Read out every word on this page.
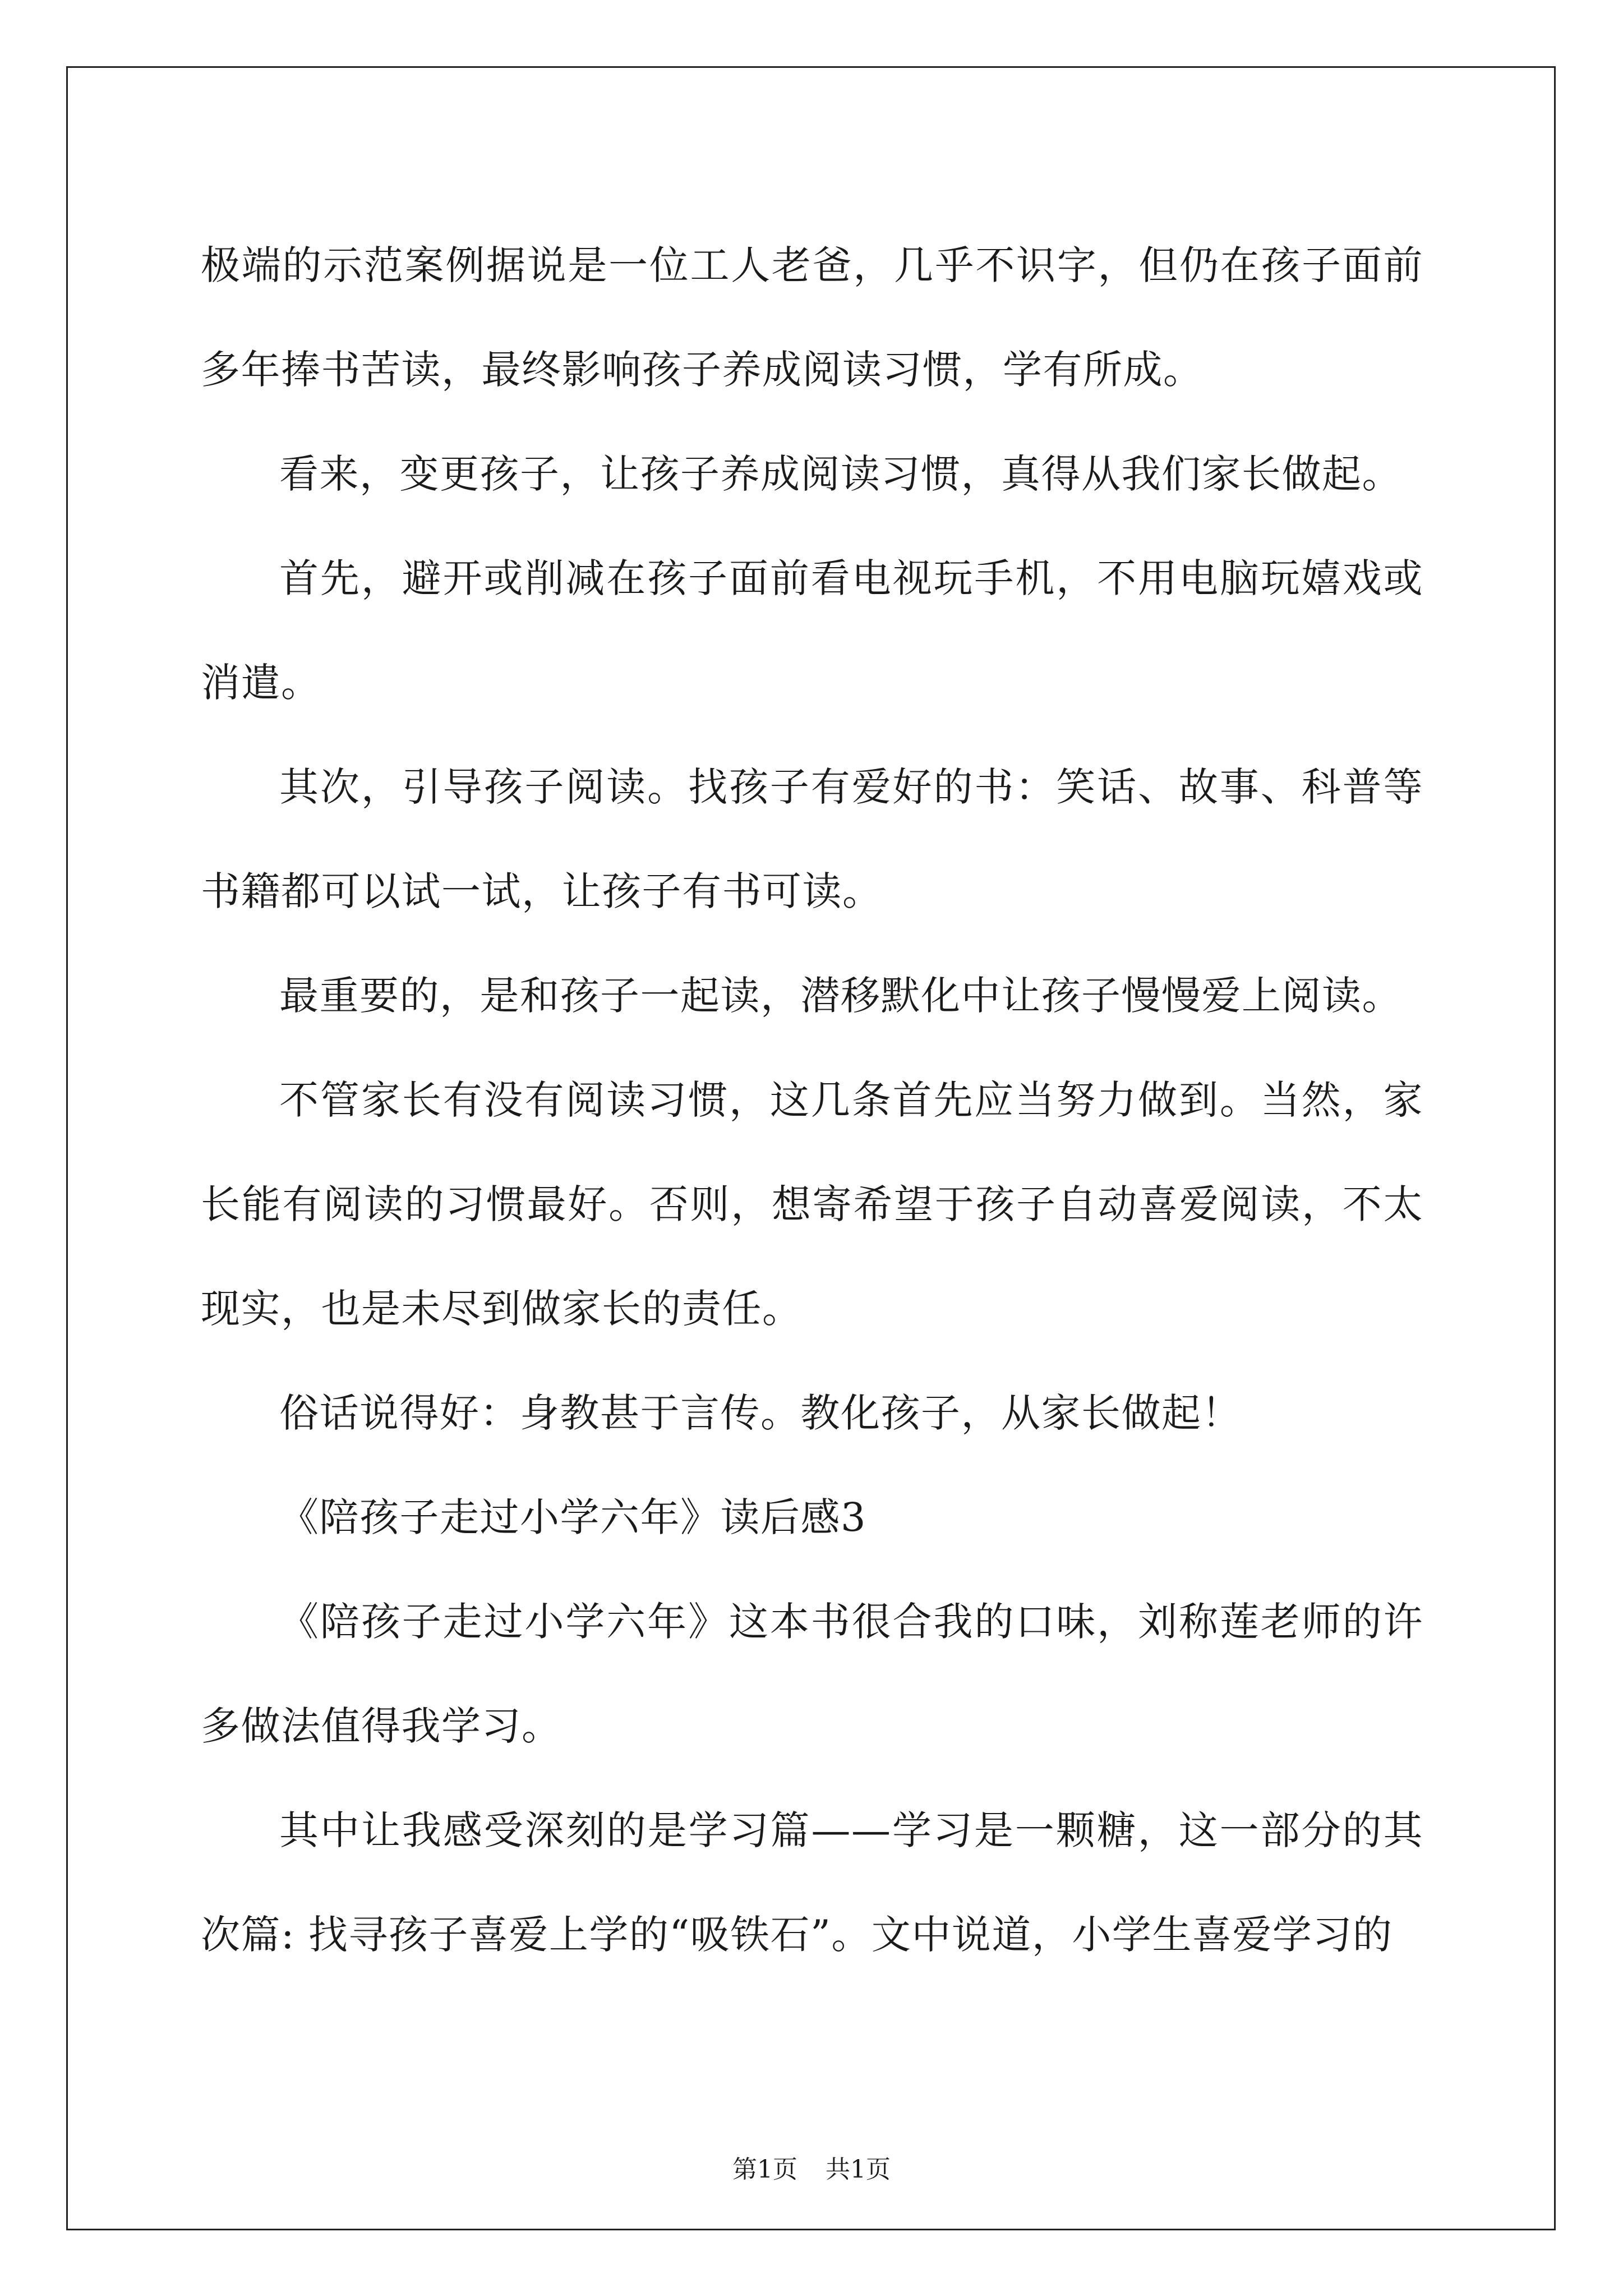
极端的示范案例据说是一位工人老爸，几乎不识字，但仍在孩子面前多年捧书苦读，最终影响孩子养成阅读习惯，学有所成。

看来，变更孩子，让孩子养成阅读习惯，真得从我们家长做起。

首先，避开或削减在孩子面前看电视玩手机，不用电脑玩嬉戏或消遣。

其次，引导孩子阅读。找孩子有爱好的书：笑话、故事、科普等书籍都可以试一试，让孩子有书可读。

最重要的，是和孩子一起读，潜移默化中让孩子慢慢爱上阅读。

不管家长有没有阅读习惯，这几条首先应当努力做到。当然，家长能有阅读的习惯最好。否则，想寄希望于孩子自动喜爱阅读，不太现实，也是未尽到做家长的责任。

俗话说得好：身教甚于言传。教化孩子，从家长做起！

《陪孩子走过小学六年》读后感3

《陪孩子走过小学六年》这本书很合我的口味，刘称莲老师的许多做法值得我学习。

其中让我感受深刻的是学习篇——学习是一颗糖，这一部分的其次篇: 找寻孩子喜爱上学的“吸铁石”。文中说道，小学生喜爱学习的

第1页 共1页
